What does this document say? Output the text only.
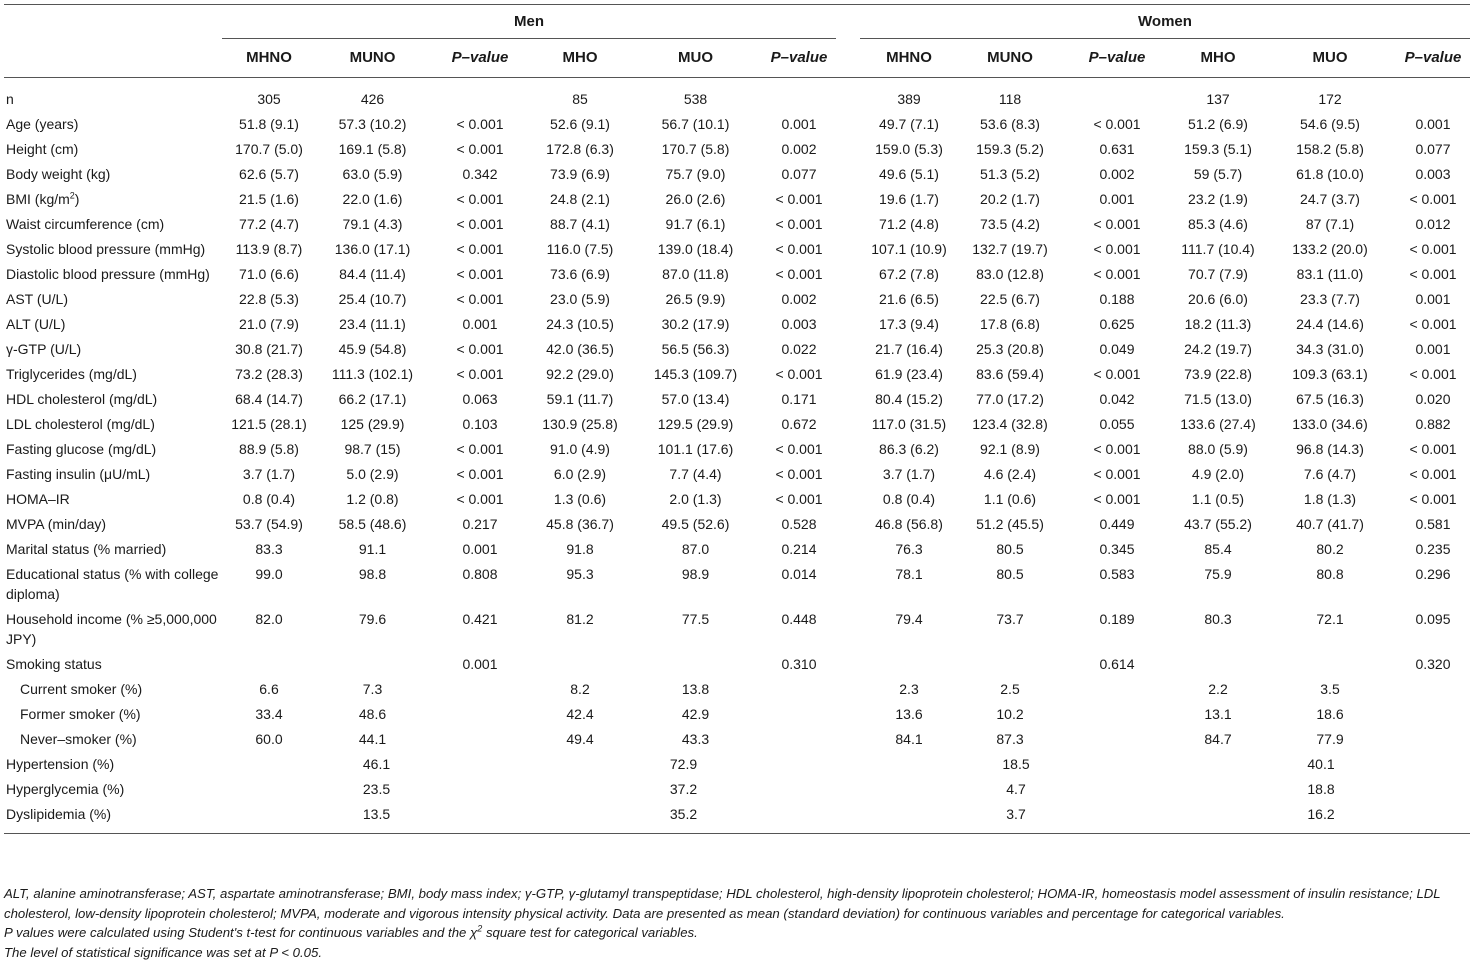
	Men							Women					
	MHNO	MUNO	P–value	MHO	MUO	P–value		MHNO	MUNO	P–value	MHO	MUO	P–value
n	305	426		85	538			389	118		137	172	
Age (years)	51.8 (9.1)	57.3 (10.2)	< 0.001	52.6 (9.1)	56.7 (10.1)	0.001		49.7 (7.1)	53.6 (8.3)	< 0.001	51.2 (6.9)	54.6 (9.5)	0.001
Height (cm)	170.7 (5.0)	169.1 (5.8)	< 0.001	172.8 (6.3)	170.7 (5.8)	0.002		159.0 (5.3)	159.3 (5.2)	0.631	159.3 (5.1)	158.2 (5.8)	0.077
Body weight (kg)	62.6 (5.7)	63.0 (5.9)	0.342	73.9 (6.9)	75.7 (9.0)	0.077		49.6 (5.1)	51.3 (5.2)	0.002	59 (5.7)	61.8 (10.0)	0.003
BMI $(kg/m^2)$	21.5 (1.6)	22.0 (1.6)	< 0.001	24.8 (2.1)	26.0 (2.6)	< 0.001		19.6 (1.7)	20.2 (1.7)	0.001	23.2 (1.9)	24.7 (3.7)	< 0.001
Waist circumference (cm)	77.2 (4.7)	79.1 (4.3)	< 0.001	88.7 (4.1)	91.7 (6.1)	< 0.001		71.2 (4.8)	73.5 (4.2)	< 0.001	85.3 (4.6)	87 (7.1)	0.012
Systolic blood pressure (mmHg)	113.9 (8.7)	136.0 (17.1)	< 0.001	116.0 (7.5)	139.0 (18.4)	< 0.001		107.1 (10.9)	132.7 (19.7)	< 0.001	111.7 (10.4)	133.2 (20.0)	< 0.001
Diastolic blood pressure (mmHg)	71.0 (6.6)	84.4 (11.4)	< 0.001	73.6 (6.9)	87.0 (11.8)	< 0.001		67.2 (7.8)	83.0 (12.8)	< 0.001	70.7 (7.9)	83.1 (11.0)	< 0.001
AST (U/L)	22.8 (5.3)	25.4 (10.7)	< 0.001	23.0 (5.9)	26.5 (9.9)	0.002		21.6 (6.5)	22.5 (6.7)	0.188	20.6 (6.0)	23.3 (7.7)	0.001
ALT (U/L)	21.0 (7.9)	23.4 (11.1)	0.001	24.3 (10.5)	30.2 (17.9)	0.003		17.3 (9.4)	17.8 (6.8)	0.625	18.2 (11.3)	24.4 (14.6)	< 0.001
γ-GTP (U/L)	30.8 (21.7)	45.9 (54.8)	< 0.001	42.0 (36.5)	56.5 (56.3)	0.022		21.7 (16.4)	25.3 (20.8)	0.049	24.2 (19.7)	34.3 (31.0)	0.001
Triglycerides (mg/dL)	73.2 (28.3)	111.3 (102.1)	< 0.001	92.2 (29.0)	145.3 (109.7)	< 0.001		61.9 (23.4)	83.6 (59.4)	< 0.001	73.9 (22.8)	109.3 (63.1)	< 0.001
HDL cholesterol (mg/dL)	68.4 (14.7)	66.2 (17.1)	0.063	59.1 (11.7)	57.0 (13.4)	0.171		80.4 (15.2)	77.0 (17.2)	0.042	71.5 (13.0)	67.5 (16.3)	0.020
LDL cholesterol (mg/dL)	121.5 (28.1)	125 (29.9)	0.103	130.9 (25.8)	129.5 (29.9)	0.672		117.0 (31.5)	123.4 (32.8)	0.055	133.6 (27.4)	133.0 (34.6)	0.882
Fasting glucose (mg/dL)	88.9 (5.8)	98.7 (15)	< 0.001	91.0 (4.9)	101.1 (17.6)	< 0.001		86.3 (6.2)	92.1 (8.9)	< 0.001	88.0 (5.9)	96.8 (14.3)	< 0.001
Fasting insulin (μU/mL)	3.7 (1.7)	5.0 (2.9)	< 0.001	6.0 (2.9)	7.7 (4.4)	< 0.001		3.7 (1.7)	4.6 (2.4)	< 0.001	4.9 (2.0)	7.6 (4.7)	< 0.001
HOMA–IR	0.8 (0.4)	1.2 (0.8)	< 0.001	1.3 (0.6)	2.0 (1.3)	< 0.001		0.8 (0.4)	1.1 (0.6)	< 0.001	1.1 (0.5)	1.8 (1.3)	< 0.001
MVPA (min/day)	53.7 (54.9)	58.5 (48.6)	0.217	45.8 (36.7)	49.5 (52.6)	0.528		46.8 (56.8)	51.2 (45.5)	0.449	43.7 (55.2)	40.7 (41.7)	0.581
Marital status (% married)	83.3	91.1	0.001	91.8	87.0	0.214		76.3	80.5	0.345	85.4	80.2	0.235
Educational status (% with college diploma)	99.0	98.8	0.808	95.3	98.9	0.014		78.1	80.5	0.583	75.9	80.8	0.296
Household income (% ≥5,000,000 JPY)	82.0	79.6	0.421	81.2	77.5	0.448		79.4	73.7	0.189	80.3	72.1	0.095
Smoking status			0.001			0.310				0.614			0.320
Current smoker (%)	6.6	7.3		8.2	13.8			2.3	2.5		2.2	3.5	
Former smoker (%)	33.4	48.6		42.4	42.9			13.6	10.2		13.1	18.6	
Never–smoker (%)	60.0	44.1		49.4	43.3			84.1	87.3		84.7	77.9	
Hypertension (%)	46.1			72.9				18.5			40.1		
Hyperglycemia (%)	23.5			37.2				4.7			18.8		
Dyslipidemia (%)	13.5			35.2				3.7			16.2		

ALT, alanine aminotransferase; AST, aspartate aminotransferase; BMI, body mass index; γ-GTP, γ-glutamyl transpeptidase; HDL cholesterol, high-density lipoprotein cholesterol; HOMA-IR, homeostasis model assessment of insulin resistance; LDL cholesterol, low-density lipoprotein cholesterol; MVPA, moderate and vigorous intensity physical activity. Data are presented as mean (standard deviation) for continuous variables and percentage for categorical variables.

P values were calculated using Student's t-test for continuous variables and the $\chi^2$ square test for categorical variables.

The level of statistical significance was set at P < 0.05.
